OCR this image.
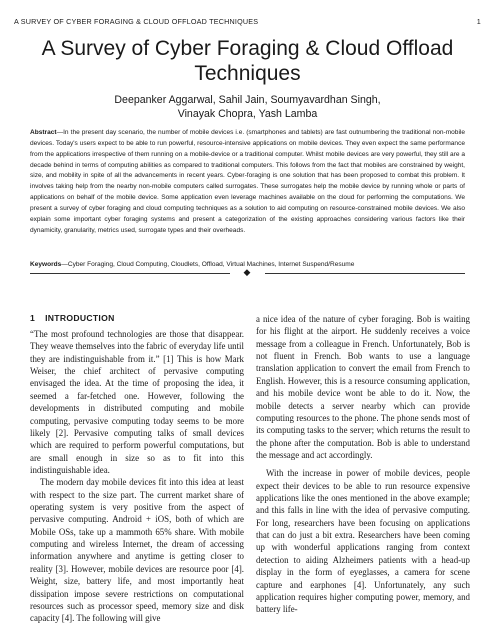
A SURVEY OF CYBER FORAGING & CLOUD OFFLOAD TECHNIQUES	1
A Survey of Cyber Foraging & Cloud Offload Techniques
Deepanker Aggarwal, Sahil Jain, Soumyavardhan Singh,
Vinayak Chopra, Yash Lamba
Abstract—In the present day scenario, the number of mobile devices i.e. (smartphones and tablets) are fast outnumbering the traditional non-mobile devices. Today's users expect to be able to run powerful, resource-intensive applications on mobile devices. They even expect the same performance from the applications irrespective of them running on a mobile-device or a traditional computer. Whilst mobile devices are very powerful, they still are a decade behind in terms of computing abilities as compared to traditional computers. This follows from the fact that mobiles are constrained by weight, size, and mobility in spite of all the advancements in recent years. Cyber-foraging is one solution that has been proposed to combat this problem. It involves taking help from the nearby non-mobile computers called surrogates. These surrogates help the mobile device by running whole or parts of applications on behalf of the mobile device. Some application even leverage machines available on the cloud for performing the computations. We present a survey of cyber foraging and cloud computing techniques as a solution to aid computing on resource-constrained mobile devices. We also explain some important cyber foraging systems and present a categorization of the existing approaches considering various factors like their dynamicity, granularity, metrics used, surrogate types and their overheads.
Keywords—Cyber Foraging, Cloud Computing, Cloudlets, Offload, Virtual Machines, Internet Suspend/Resume
◆
1 INTRODUCTION

“The most profound technologies are those that disappear. They weave themselves into the fabric of everyday life until they are indistinguishable from it.” [1] This is how Mark Weiser, the chief architect of pervasive computing envisaged the idea. At the time of proposing the idea, it seemed a far-fetched one. However, following the developments in distributed computing and mobile computing, pervasive computing today seems to be more likely [2]. Pervasive computing talks of small devices which are required to perform powerful computations, but are small enough in size so as to fit into this indistinguishable idea.

The modern day mobile devices fit into this idea at least with respect to the size part. The current market share of operating system is very positive from the aspect of pervasive computing. Android + iOS, both of which are Mobile OSs, take up a mammoth 65% share. With mobile computing and wireless Internet, the dream of accessing information anywhere and anytime is getting closer to reality [3]. However, mobile devices are resource poor [4]. Weight, size, battery life, and most importantly heat dissipation impose severe restrictions on computational resources such as processor speed, memory size and disk capacity [4]. The following will give

a nice idea of the nature of cyber foraging. Bob is waiting for his flight at the airport. He suddenly receives a voice message from a colleague in French. Unfortunately, Bob is not fluent in French. Bob wants to use a language translation application to convert the email from French to English. However, this is a resource consuming application, and his mobile device wont be able to do it. Now, the mobile detects a server nearby which can provide computing resources to the phone. The phone sends most of its computing tasks to the server; which returns the result to the phone after the computation. Bob is able to understand the message and act accordingly.

With the increase in power of mobile devices, people expect their devices to be able to run resource expensive applications like the ones mentioned in the above example; and this falls in line with the idea of pervasive computing. For long, researchers have been focusing on applications that can do just a bit extra. Researchers have been coming up with wonderful applications ranging from context detection to aiding Alzheimers patients with a head-up display in the form of eyeglasses, a camera for scene capture and earphones [4]. Unfortunately, any such application requires higher computing power, memory, and battery life-
